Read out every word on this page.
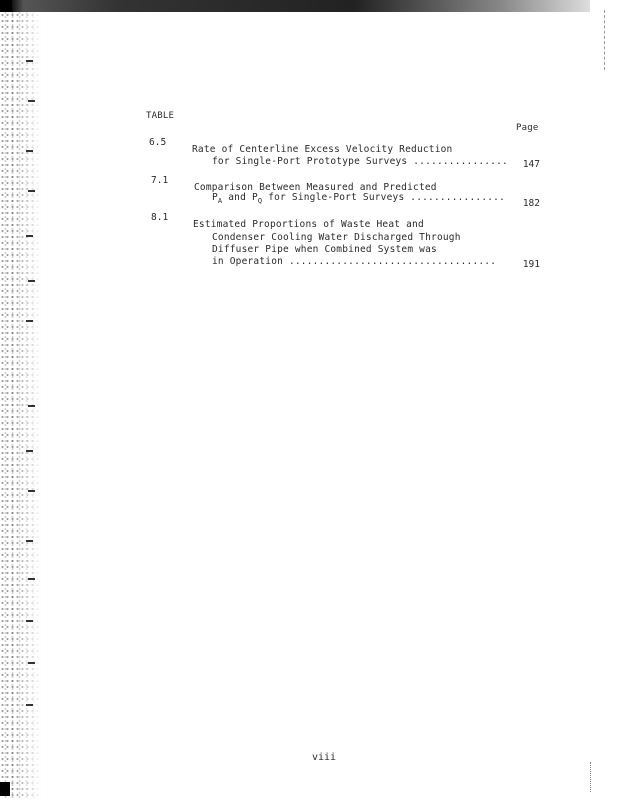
TABLE
Page
6.5
Rate of Centerline Excess Velocity Reduction
for Single-Port Prototype Surveys ................	147
7.1
Comparison Between Measured and Predicted
$P_A$ and $P_Q$ for Single-Port Surveys ................
182
8.1
Estimated Proportions of Waste Heat and
Condenser Cooling Water Discharged Through
Diffuser Pipe when Combined System was
in Operation ...................................	191
viii
